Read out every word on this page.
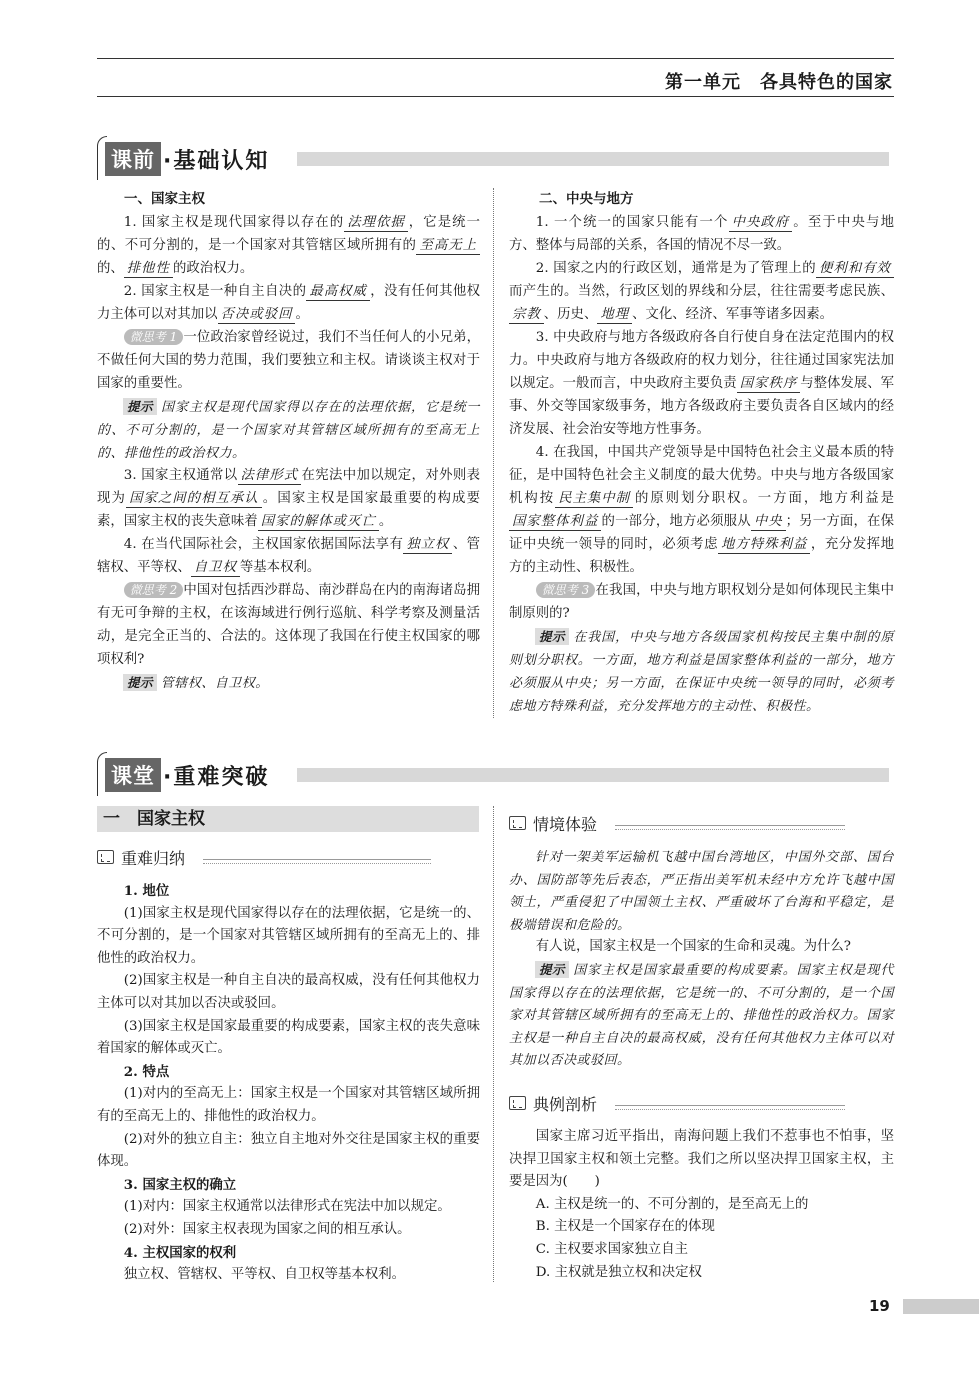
第一单元　各具特色的国家
课前 ·基础认知
一、国家主权

1. 国家主权是现代国家得以存在的 法理依据 ，它是统一的、不可分割的，是一个国家对其管辖区域所拥有的 至高无上的、 排他性 的政治权力。

2. 国家主权是一种自主自决的 最高权威 ，没有任何其他权力主体可以对其加以 否决或驳回 。

微思考 1 一位政治家曾经说过，我们不当任何人的小兄弟，不做任何大国的势力范围，我们要独立和主权。请谈谈主权对于国家的重要性。

提示 国家主权是现代国家得以存在的法理依据，它是统一的、不可分割的，是一个国家对其管辖区域所拥有的至高无上的、排他性的政治权力。

3. 国家主权通常以 法律形式 在宪法中加以规定，对外则表现为 国家之间的相互承认 。国家主权是国家最重要的构成要素，国家主权的丧失意味着 国家的解体或灭亡 。

4. 在当代国际社会，主权国家依据国际法享有 独立权 、管辖权、平等权、 自卫权 等基本权利。

微思考 2 中国对包括西沙群岛、南沙群岛在内的南海诸岛拥有无可争辩的主权，在该海域进行例行巡航、科学考察及测量活动，是完全正当的、合法的。这体现了我国在行使主权国家的哪项权利?

提示 管辖权、自卫权。

二、中央与地方

1. 一个统一的国家只能有一个 中央政府 。至于中央与地方、整体与局部的关系，各国的情况不尽一致。

2. 国家之内的行政区划，通常是为了管理上的 便利和有效而产生的。当然，行政区划的界线和分层，往往需要考虑民族、宗教 、历史、 地理 、文化、经济、军事等诸多因素。

3. 中央政府与地方各级政府各自行使自身在法定范围内的权力。中央政府与地方各级政府的权力划分，往往通过国家宪法加以规定。一般而言，中央政府主要负责 国家秩序 与整体发展、军事、外交等国家级事务，地方各级政府主要负责各自区域内的经济发展、社会治安等地方性事务。

4. 在我国，中国共产党领导是中国特色社会主义最本质的特征，是中国特色社会主义制度的最大优势。中央与地方各级国家机构按 民主集中制 的原则划分职权。一方面，地方利益是国家整体利益 的一部分，地方必须服从 中央 ；另一方面，在保证中央统一领导的同时，必须考虑 地方特殊利益 ，充分发挥地方的主动性、积极性。

微思考 3 在我国，中央与地方职权划分是如何体现民主集中制原则的?

提示 在我国，中央与地方各级国家机构按民主集中制的原则划分职权。一方面，地方利益是国家整体利益的一部分，地方必须服从中央；另一方面，在保证中央统一领导的同时，必须考虑地方特殊利益，充分发挥地方的主动性、积极性。

课堂 ·重难突破
一　国家主权
重难归纳

1. 地位

(1)国家主权是现代国家得以存在的法理依据，它是统一的、不可分割的，是一个国家对其管辖区域所拥有的至高无上的、排他性的政治权力。

(2)国家主权是一种自主自决的最高权威，没有任何其他权力主体可以对其加以否决或驳回。

(3)国家主权是国家最重要的构成要素，国家主权的丧失意味着国家的解体或灭亡。

2. 特点

(1)对内的至高无上：国家主权是一个国家对其管辖区域所拥有的至高无上的、排他性的政治权力。

(2)对外的独立自主：独立自主地对外交往是国家主权的重要体现。

3. 国家主权的确立

(1)对内：国家主权通常以法律形式在宪法中加以规定。

(2)对外：国家主权表现为国家之间的相互承认。

4. 主权国家的权利

独立权、管辖权、平等权、自卫权等基本权利。

情境体验

针对一架美军运输机飞越中国台湾地区，中国外交部、国台办、国防部等先后表态，严正指出美军机未经中方允许飞越中国领土，严重侵犯了中国领土主权、严重破坏了台海和平稳定，是极端错误和危险的。

有人说，国家主权是一个国家的生命和灵魂。为什么?

提示 国家主权是国家最重要的构成要素。国家主权是现代国家得以存在的法理依据，它是统一的、不可分割的，是一个国家对其管辖区域所拥有的至高无上的、排他性的政治权力。国家主权是一种自主自决的最高权威，没有任何其他权力主体可以对其加以否决或驳回。

典例剖析

国家主席习近平指出，南海问题上我们不惹事也不怕事，坚决捍卫国家主权和领土完整。我们之所以坚决捍卫国家主权，主要是因为(　　)

A. 主权是统一的、不可分割的，是至高无上的

B. 主权是一个国家存在的体现

C. 主权要求国家独立自主

D. 主权就是独立权和决定权

19
